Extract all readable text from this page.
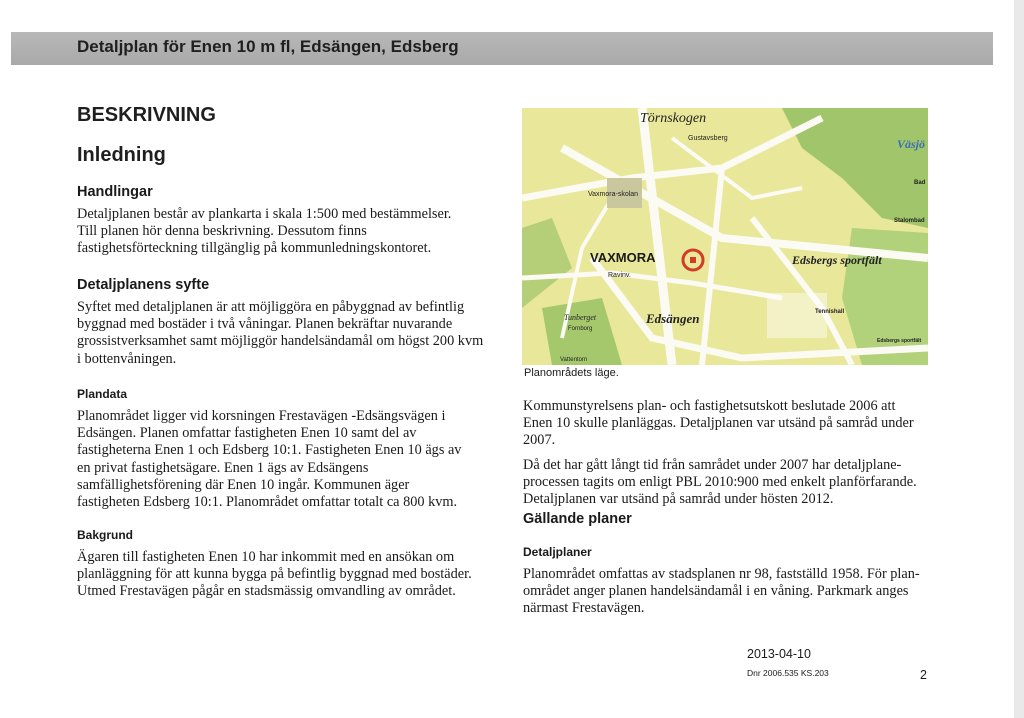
Detaljplan för Enen 10 m fl, Edsängen, Edsberg
BESKRIVNING
Inledning
Handlingar

Detaljplanen består av plankarta i skala 1:500 med bestämmelser. Till planen hör denna beskrivning. Dessutom finns fastighetsförteckning tillgänglig på kommunledningskontoret.

Detaljplanens syfte

Syftet med detaljplanen är att möjliggöra en påbyggnad av befintlig byggnad med bostäder i två våningar. Planen bekräftar nuvarande grossistverksamhet samt möjliggör handelsändamål om högst 200 kvm i bottenvåningen.

Plandata

Planområdet ligger vid korsningen Frestavägen -Edsängsvägen i Edsängen. Planen omfattar fastigheten Enen 10 samt del av fastigheterna Enen 1 och Edsberg 10:1. Fastigheten Enen 10 ägs av en privat fastighetsägare. Enen 1 ägs av Edsängens samfällighetsförening där Enen 10 ingår. Kommunen äger fastigheten Edsberg 10:1. Planområdet omfattar totalt ca 800 kvm.

Bakgrund

Ägaren till fastigheten Enen 10 har inkommit med en ansökan om planläggning för att kunna bygga på befintlig byggnad med bostäder. Utmed Frestavägen pågår en stadsmässig omvandling av området.

Törnskogen
Väsjö
Gustavsberg
Vaxmora-skolan
Bad
Stalombad
VAXMORA
Ravinv.
Edsbergs sportfält
Edsängen	Tennishall
Edsbergs sportfält
Tunberget
Fornborg
Vattentorn
Planområdets läge.

Kommunstyrelsens plan- och fastighetsutskott beslutade 2006 att Enen 10 skulle planläggas. Detaljplanen var utsänd på samråd under 2007.

Då det har gått långt tid från samrådet under 2007 har detaljplane-processen tagits om enligt PBL 2010:900 med enkelt planförfarande. Detaljplanen var utsänd på samråd under hösten 2012.

Gällande planer
Detaljplaner

Planområdet omfattas av stadsplanen nr 98, fastställd 1958. För plan-området anger planen handelsändamål i en våning. Parkmark anges närmast Frestavägen.

2013-04-10
Dnr 2006.535 KS.203	2
